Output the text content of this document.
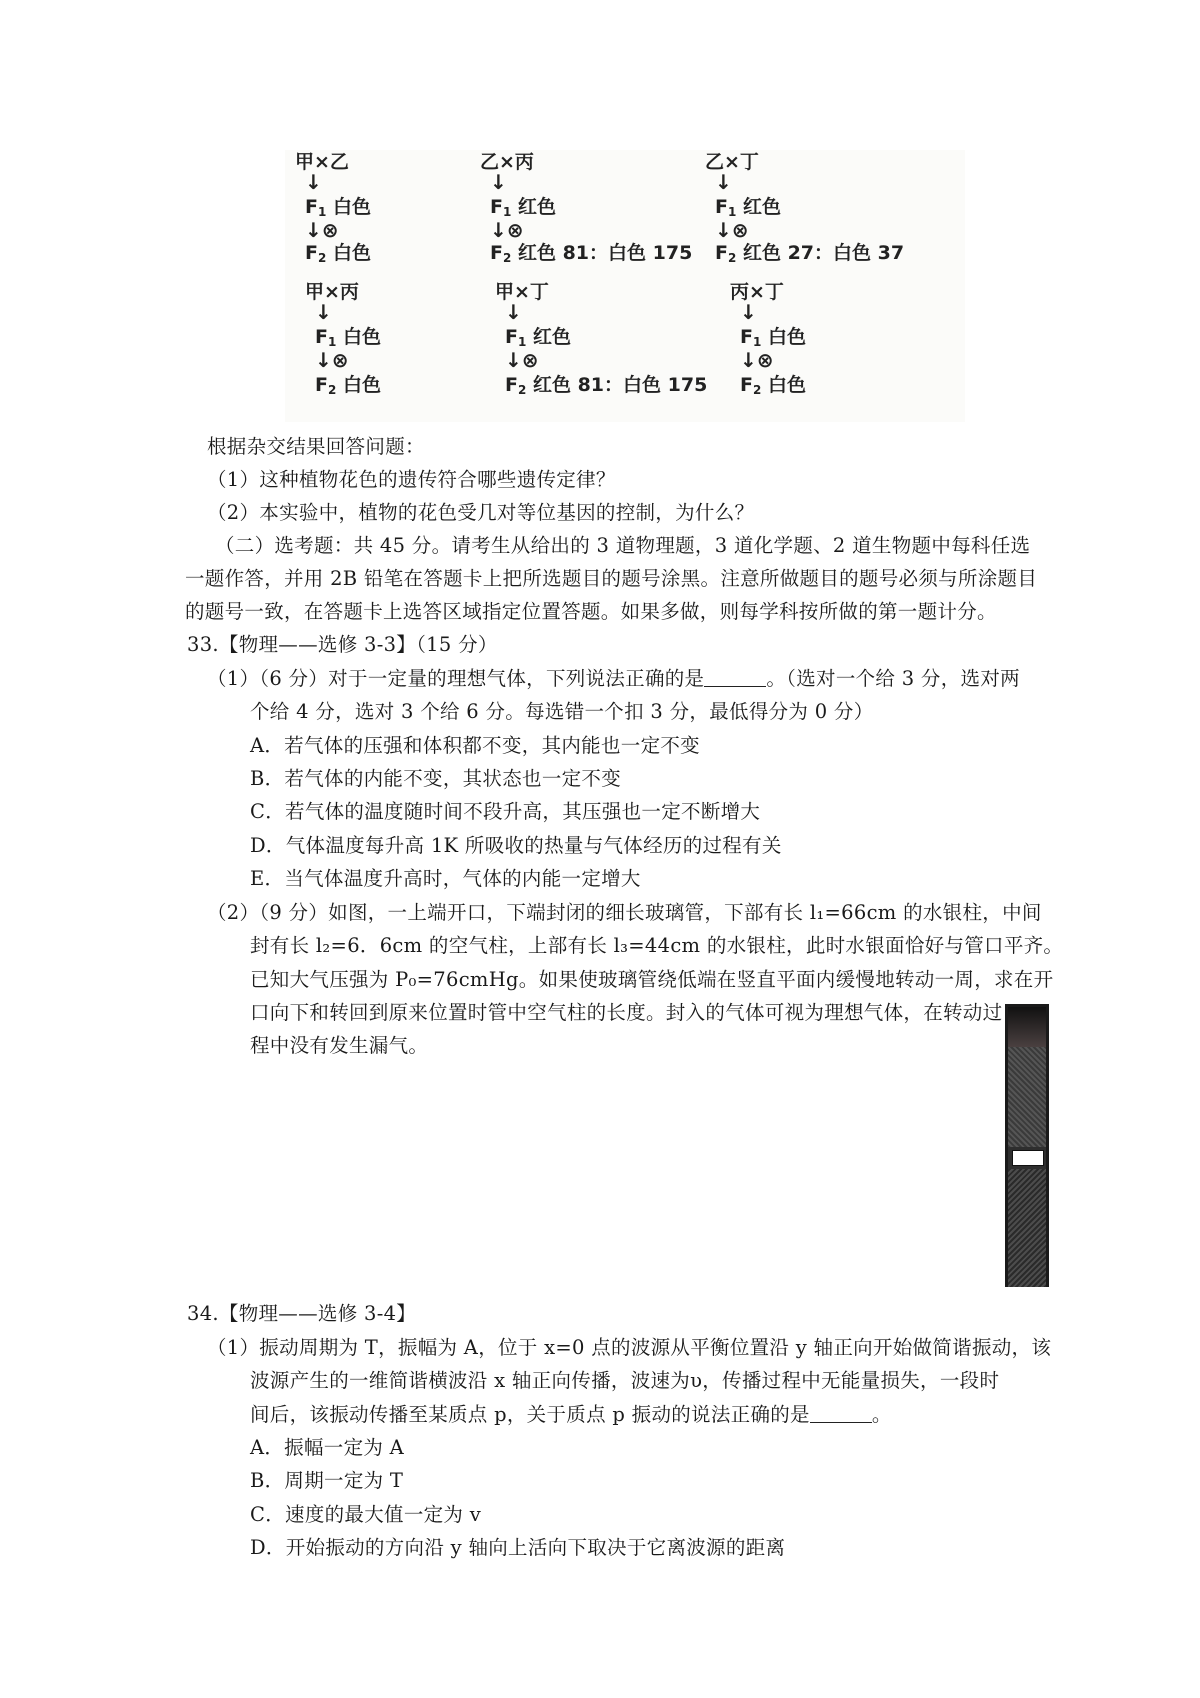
甲×乙
↓
$F_1$ 白色
↓⊗
$F_2$ 白色
乙×丙
↓
$F_1$ 红色
↓⊗
$F_2$ 红色 81：白色 175
乙×丁
↓
$F_1$ 红色
↓⊗
$F_2$ 红色 27：白色 37
甲×丙
↓
$F_1$ 白色
↓⊗
$F_2$ 白色
甲×丁
↓
$F_1$ 红色
↓⊗
$F_2$ 红色 81：白色 175
丙×丁
↓
$F_1$ 白色
↓⊗
$F_2$ 白色
根据杂交结果回答问题：
（1）这种植物花色的遗传符合哪些遗传定律？
（2）本实验中，植物的花色受几对等位基因的控制，为什么？
（二）选考题：共 45 分。请考生从给出的 3 道物理题，3 道化学题、2 道生物题中每科任选
一题作答，并用 2B 铅笔在答题卡上把所选题目的题号涂黑。注意所做题目的题号必须与所涂题目
的题号一致，在答题卡上选答区域指定位置答题。如果多做，则每学科按所做的第一题计分。
33.【物理——选修 3-3】（15 分）
（1）（6 分）对于一定量的理想气体，下列说法正确的是	。（选对一个给 3 分，选对两
个给 4 分，选对 3 个给 6 分。每选错一个扣 3 分，最低得分为 0 分）
A．若气体的压强和体积都不变，其内能也一定不变
B．若气体的内能不变，其状态也一定不变
C．若气体的温度随时间不段升高，其压强也一定不断增大
D．气体温度每升高 1K 所吸收的热量与气体经历的过程有关
E．当气体温度升高时，气体的内能一定增大
（2）（9 分）如图，一上端开口，下端封闭的细长玻璃管，下部有长 l₁=66cm 的水银柱，中间
封有长 l₂=6．6cm 的空气柱，上部有长 l₃=44cm 的水银柱，此时水银面恰好与管口平齐。
已知大气压强为 P₀=76cmHg。如果使玻璃管绕低端在竖直平面内缓慢地转动一周，求在开
口向下和转回到原来位置时管中空气柱的长度。封入的气体可视为理想气体，在转动过
程中没有发生漏气。
34.【物理——选修 3-4】
（1）振动周期为 T，振幅为 A，位于 x=0 点的波源从平衡位置沿 y 轴正向开始做简谐振动，该
波源产生的一维简谐横波沿 x 轴正向传播，波速为υ，传播过程中无能量损失，一段时
间后，该振动传播至某质点 p，关于质点 p 振动的说法正确的是	。
A．振幅一定为 A
B．周期一定为 T
C．速度的最大值一定为 v
D．开始振动的方向沿 y 轴向上活向下取决于它离波源的距离
